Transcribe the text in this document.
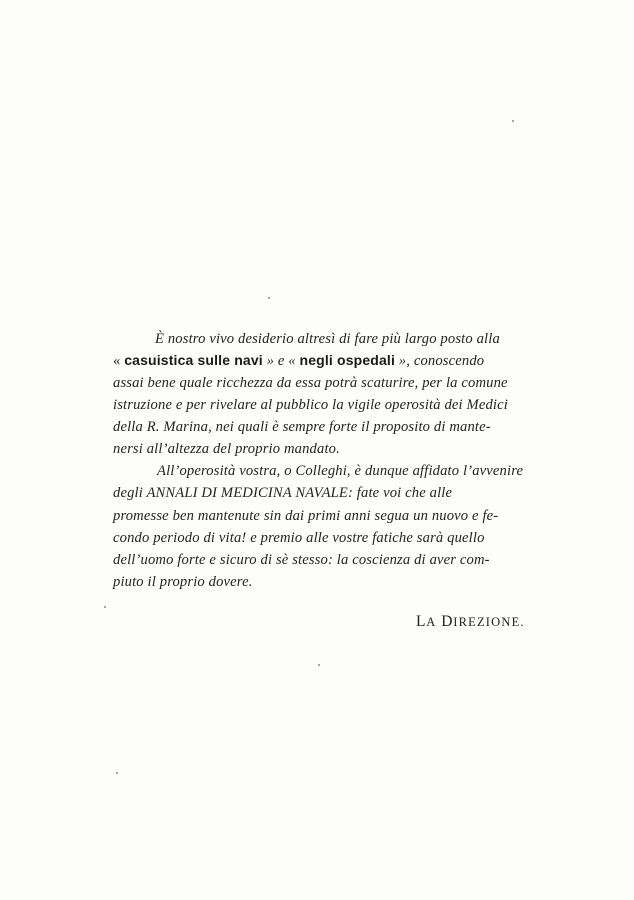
È nostro vivo desiderio altresì di fare più largo posto alla
« casuistica sulle navi » e « negli ospedali », conoscendo
assai bene quale ricchezza da essa potrà scaturire, per la comune
istruzione e per rivelare al pubblico la vigile operosità dei Medici
della R. Marina, nei quali è sempre forte il proposito di mante-
nersi all’altezza del proprio mandato.
All’operosità vostra, o Colleghi, è dunque affidato l’avvenire
degli ANNALI DI MEDICINA NAVALE: fate voi che alle
promesse ben mantenute sin dai primi anni segua un nuovo e fe-
condo periodo di vita! e premio alle vostre fatiche sarà quello
dell’uomo forte e sicuro di sè stesso: la coscienza di aver com-
piuto il proprio dovere.
LA DIREZIONE.
